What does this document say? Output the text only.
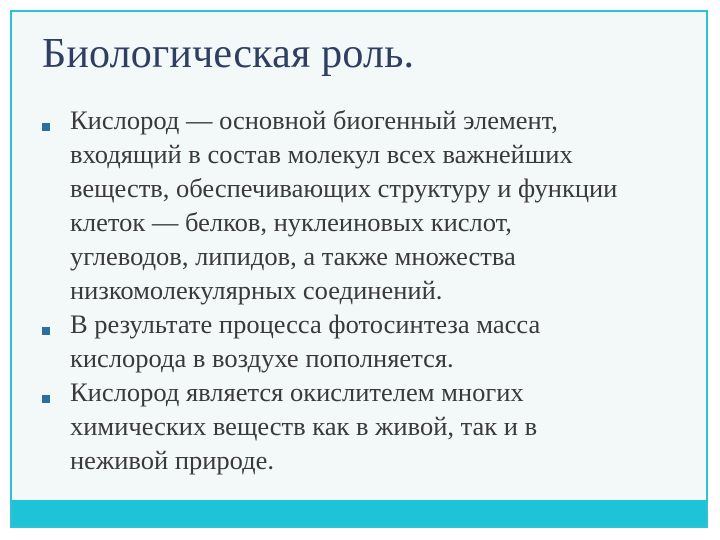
Биологическая роль.
Кислород — основной биогенный элемент,
входящий в состав молекул всех важнейших
веществ, обеспечивающих структуру и функции
клеток — белков, нуклеиновых кислот,
углеводов, липидов, а также множества
низкомолекулярных соединений.
В результате процесса фотосинтеза масса
кислорода в воздухе пополняется.
Кислород является окислителем многих
химических веществ как в живой, так и в
неживой природе.
